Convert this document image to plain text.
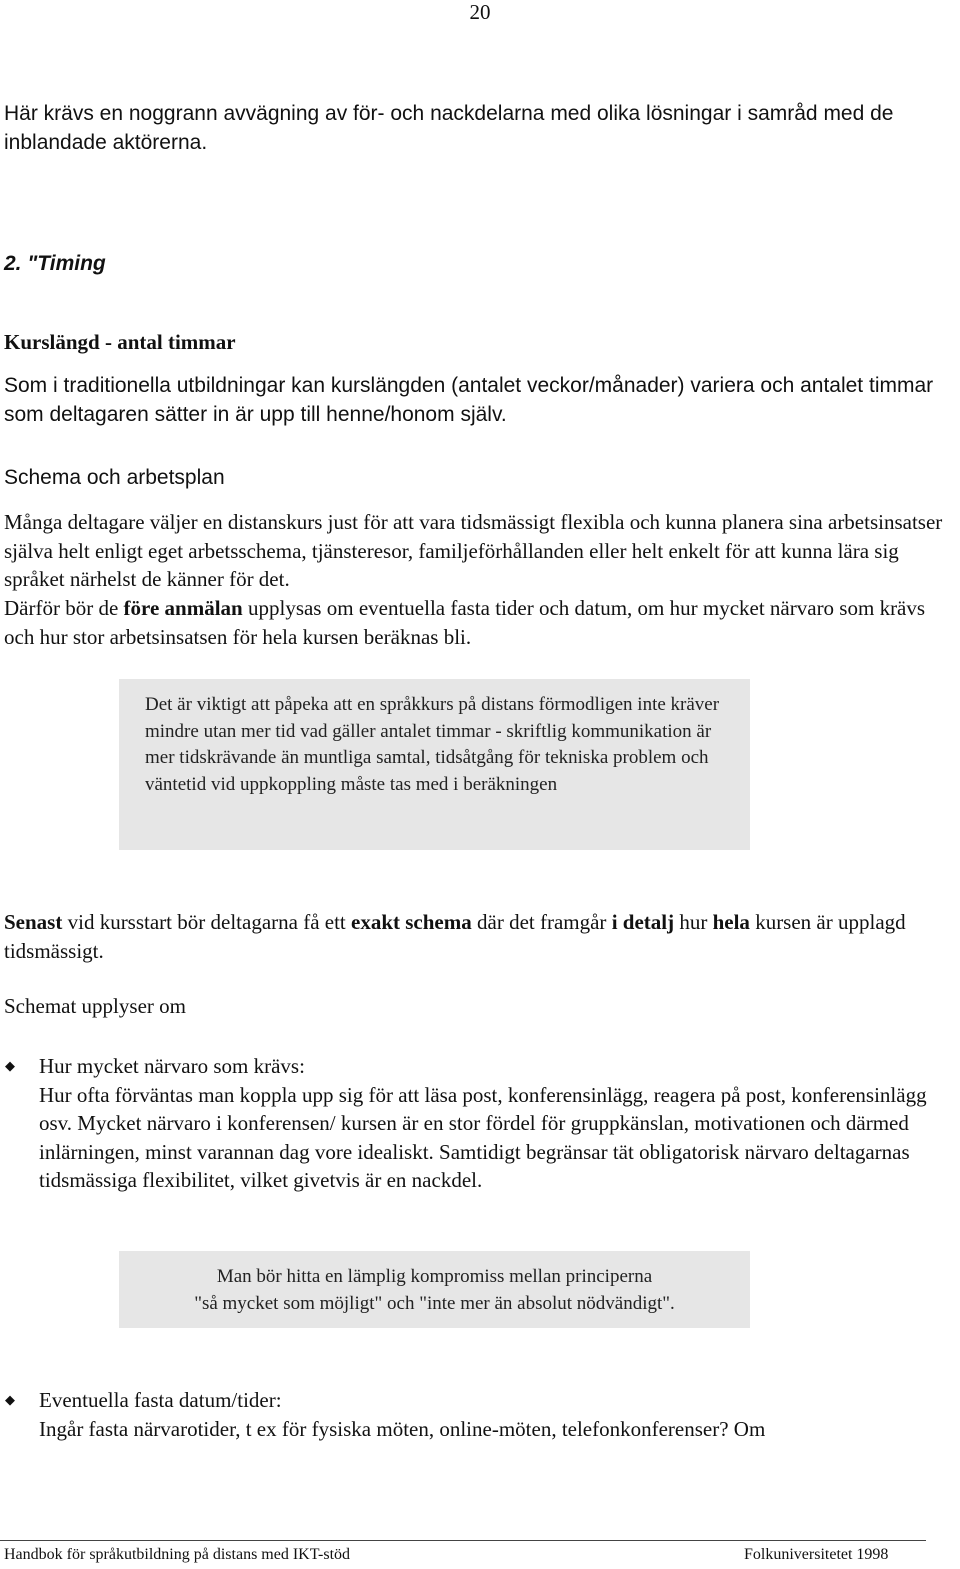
20
Här krävs en noggrann avvägning av för- och nackdelarna med olika lösningar i samråd med de inblandade aktörerna.
2. "Timing
Kurslängd - antal timmar
Som i traditionella utbildningar kan kurslängden (antalet veckor/månader) variera och antalet timmar som deltagaren sätter in är upp till henne/honom själv.
Schema och arbetsplan
Många deltagare väljer en distanskurs just för att vara tidsmässigt flexibla och kunna planera sina arbetsinsatser själva helt enligt eget arbetsschema, tjänsteresor, familjeförhållanden eller helt enkelt för att kunna lära sig språket närhelst de känner för det.
Därför bör de före anmälan upplysas om eventuella fasta tider och datum, om hur mycket närvaro som krävs och hur stor arbetsinsatsen för hela kursen beräknas bli.
Det är viktigt att påpeka att en språkkurs på distans förmodligen inte kräver mindre utan mer tid vad gäller antalet timmar - skriftlig kommunikation är mer tidskrävande än muntliga samtal, tidsåtgång för tekniska problem och väntetid vid uppkoppling måste tas med i beräkningen
Senast vid kursstart bör deltagarna få ett exakt schema där det framgår i detalj hur hela kursen är upplagd tidsmässigt.
Schemat upplyser om
◆ Hur mycket närvaro som krävs:
Hur ofta förväntas man koppla upp sig för att läsa post, konferensinlägg, reagera på post, konferensinlägg osv. Mycket närvaro i konferensen/ kursen är en stor fördel för gruppkänslan, motivationen och därmed inlärningen, minst varannan dag vore idealiskt. Samtidigt begränsar tät obligatorisk närvaro deltagarnas tidsmässiga flexibilitet, vilket givetvis är en nackdel.
Man bör hitta en lämplig kompromiss mellan principerna
"så mycket som möjligt" och "inte mer än absolut nödvändigt".
◆ Eventuella fasta datum/tider:
Ingår fasta närvarotider, t ex för fysiska möten, online-möten, telefonkonferenser? Om
Handbok för språkutbildning på distans med IKT-stöd	Folkuniversitetet 1998
